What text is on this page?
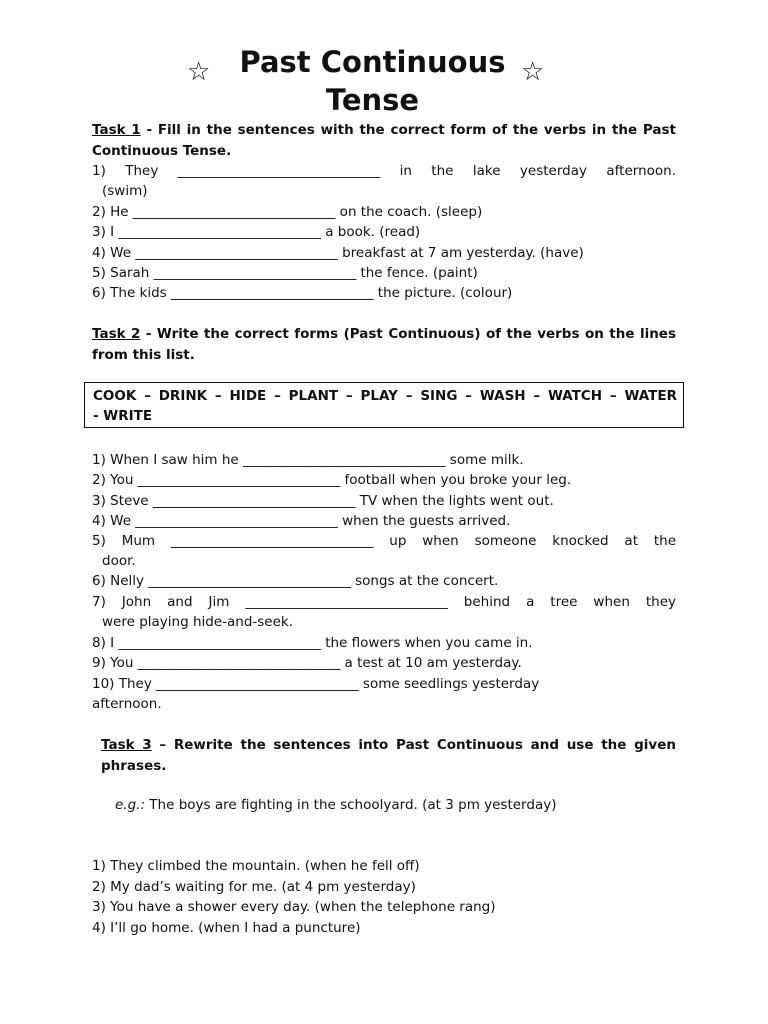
☆	☆
Past Continuous
Tense
Task 1 - Fill in the sentences with the correct form of the verbs in the Past
Continuous Tense.
1) They ______________________________ in the lake yesterday afternoon.
(swim)
2) He ______________________________ on the coach. (sleep)
3) I ______________________________ a book. (read)
4) We ______________________________ breakfast at 7 am yesterday. (have)
5) Sarah ______________________________ the fence. (paint)
6) The kids ______________________________ the picture. (colour)
Task 2 - Write the correct forms (Past Continuous) of the verbs on the lines
from this list.
COOK – DRINK – HIDE – PLANT – PLAY – SING – WASH – WATCH – WATER
- WRITE
1) When I saw him he ______________________________ some milk.
2) You ______________________________ football when you broke your leg.
3) Steve ______________________________ TV when the lights went out.
4) We ______________________________ when the guests arrived.
5) Mum ______________________________ up when someone knocked at the
door.
6) Nelly ______________________________ songs at the concert.
7) John and Jim ______________________________ behind a tree when they
were playing hide-and-seek.
8) I ______________________________ the flowers when you came in.
9) You ______________________________ a test at 10 am yesterday.
10) They ______________________________ some seedlings yesterday
afternoon.
Task 3 – Rewrite the sentences into Past Continuous and use the given
phrases.
e.g.: The boys are fighting in the schoolyard. (at 3 pm yesterday)
1) They climbed the mountain. (when he fell off)
2) My dad’s waiting for me. (at 4 pm yesterday)
3) You have a shower every day. (when the telephone rang)
4) I’ll go home. (when I had a puncture)
